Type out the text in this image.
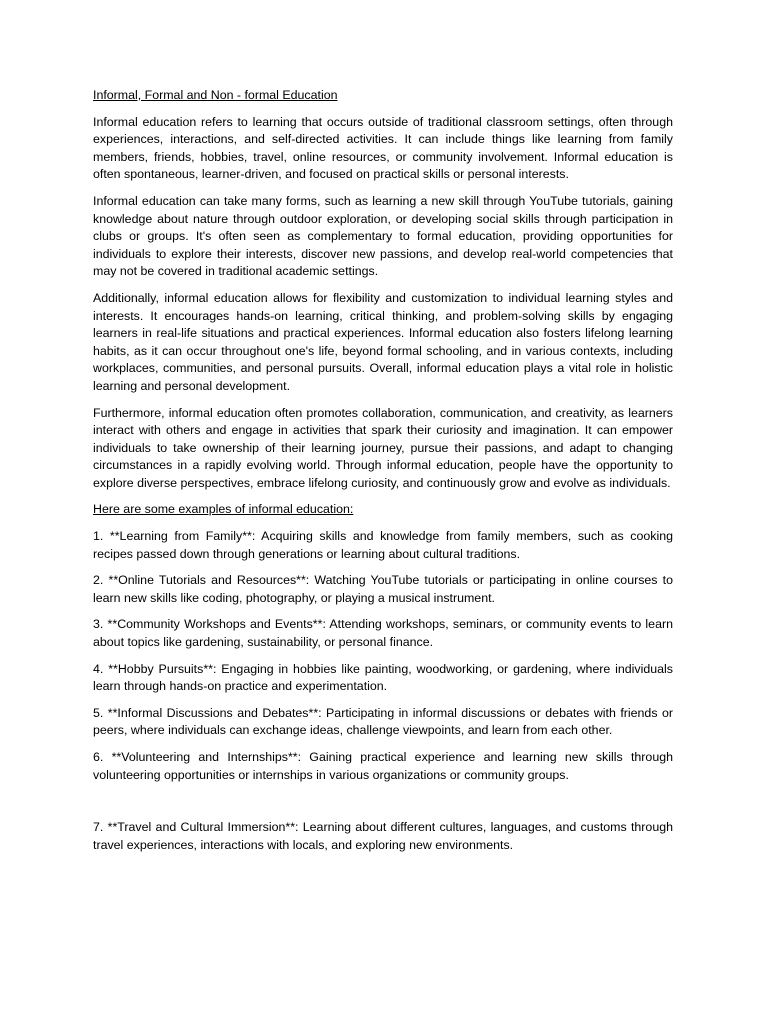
Informal, Formal and Non - formal Education

Informal education refers to learning that occurs outside of traditional classroom settings, often through experiences, interactions, and self-directed activities. It can include things like learning from family members, friends, hobbies, travel, online resources, or community involvement. Informal education is often spontaneous, learner-driven, and focused on practical skills or personal interests.

Informal education can take many forms, such as learning a new skill through YouTube tutorials, gaining knowledge about nature through outdoor exploration, or developing social skills through participation in clubs or groups. It's often seen as complementary to formal education, providing opportunities for individuals to explore their interests, discover new passions, and develop real-world competencies that may not be covered in traditional academic settings.

Additionally, informal education allows for flexibility and customization to individual learning styles and interests. It encourages hands-on learning, critical thinking, and problem-solving skills by engaging learners in real-life situations and practical experiences. Informal education also fosters lifelong learning habits, as it can occur throughout one's life, beyond formal schooling, and in various contexts, including workplaces, communities, and personal pursuits. Overall, informal education plays a vital role in holistic learning and personal development.

Furthermore, informal education often promotes collaboration, communication, and creativity, as learners interact with others and engage in activities that spark their curiosity and imagination. It can empower individuals to take ownership of their learning journey, pursue their passions, and adapt to changing circumstances in a rapidly evolving world. Through informal education, people have the opportunity to explore diverse perspectives, embrace lifelong curiosity, and continuously grow and evolve as individuals.

Here are some examples of informal education:

1. **Learning from Family**: Acquiring skills and knowledge from family members, such as cooking recipes passed down through generations or learning about cultural traditions.

2. **Online Tutorials and Resources**: Watching YouTube tutorials or participating in online courses to learn new skills like coding, photography, or playing a musical instrument.

3. **Community Workshops and Events**: Attending workshops, seminars, or community events to learn about topics like gardening, sustainability, or personal finance.

4. **Hobby Pursuits**: Engaging in hobbies like painting, woodworking, or gardening, where individuals learn through hands-on practice and experimentation.

5. **Informal Discussions and Debates**: Participating in informal discussions or debates with friends or peers, where individuals can exchange ideas, challenge viewpoints, and learn from each other.

6. **Volunteering and Internships**: Gaining practical experience and learning new skills through volunteering opportunities or internships in various organizations or community groups.

7. **Travel and Cultural Immersion**: Learning about different cultures, languages, and customs through travel experiences, interactions with locals, and exploring new environments.
